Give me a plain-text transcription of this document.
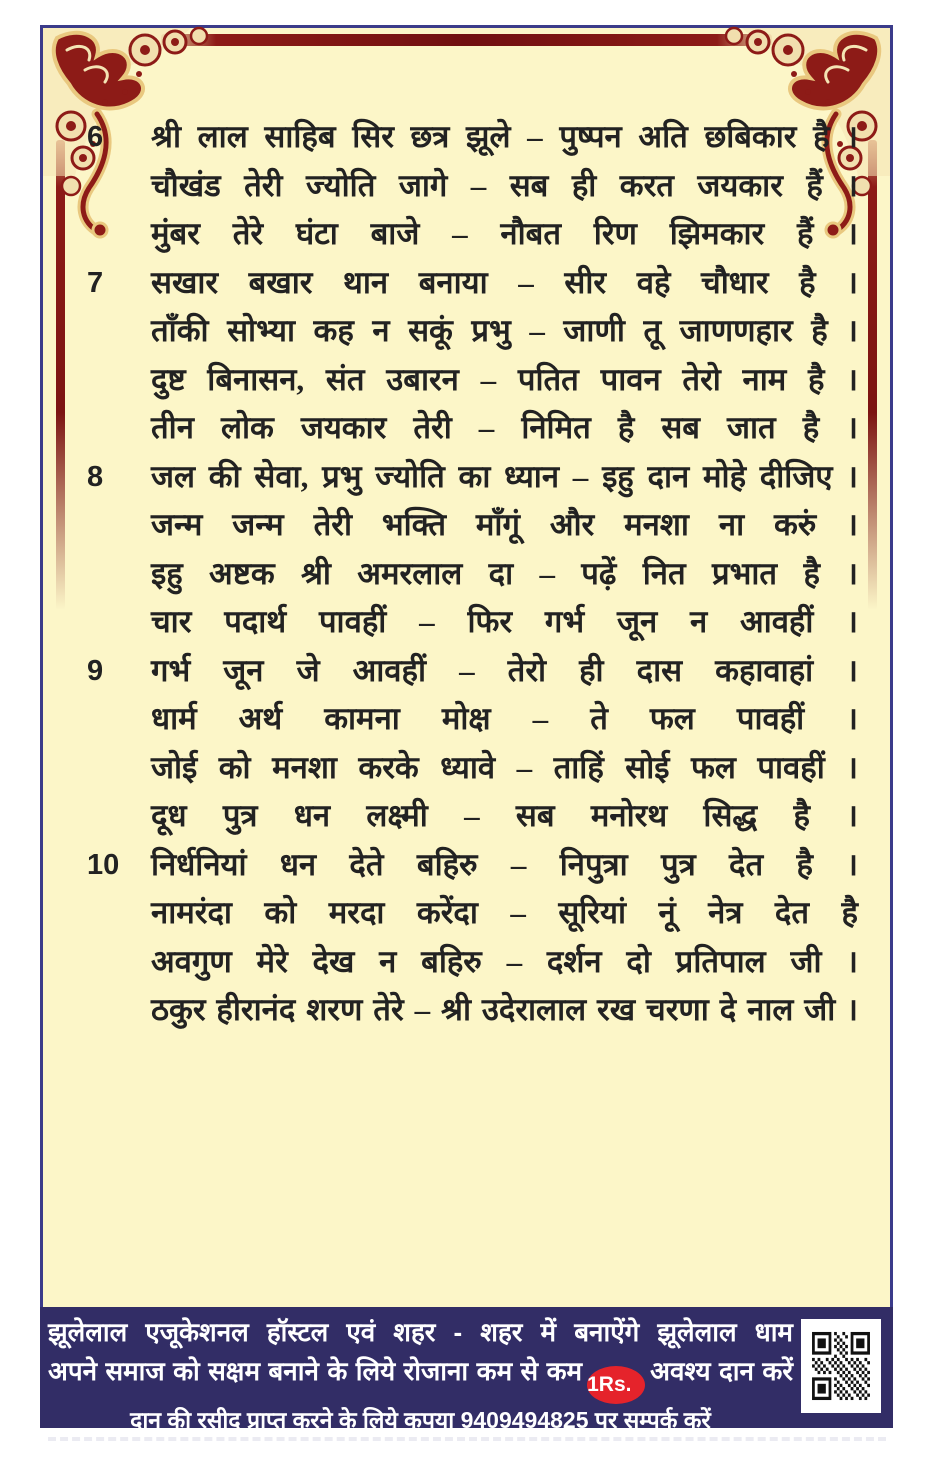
6	श्री लाल साहिब सिर छत्र झूले – पुष्पन अति छबिकार है ।
चौखंड तेरी ज्योति जागे – सब ही करत जयकार हैं ।
मुंबर तेरे घंटा बाजे – नौबत रिण झिमकार हैं ।
7	सखार बखार थान बनाया – सीर वहे चौधार है ।
ताँकी सोभ्या कह न सकूं प्रभु – जाणी तू जाणणहार है ।
दुष्ट बिनासन, संत उबारन – पतित पावन तेरो नाम है ।
तीन लोक जयकार तेरी – निमित है सब जात है ।
8	जल की सेवा, प्रभु ज्योति का ध्यान – इहु दान मोहे दीजिए ।
जन्म जन्म तेरी भक्ति माँगूं और मनशा ना करुं ।
इहु अष्टक श्री अमरलाल दा – पढ़ें नित प्रभात है ।
चार पदार्थ पावहीं – फिर गर्भ जून न आवहीं ।
9	गर्भ जून जे आवहीं – तेरो ही दास कहावाहां ।
धार्म अर्थ कामना मोक्ष – ते फल पावहीं ।
जोई को मनशा करके ध्यावे – ताहिं सोई फल पावहीं ।
दूध पुत्र धन लक्ष्मी – सब मनोरथ सिद्ध है ।
10	निर्धनियां धन देते बहिरु – निपुत्रा पुत्र देत है ।
नामरंदा को मरदा करेंदा – सूरियां नूं नेत्र देत है
अवगुण मेरे देख न बहिरु – दर्शन दो प्रतिपाल जी ।
ठकुर हीरानंद शरण तेरे – श्री उदेरालाल रख चरणा दे नाल जी ।
झूलेलाल एजूकेशनल हॉस्टल एवं शहर - शहर में बनाऐंगे झूलेलाल धाम
अपने समाज को सक्षम बनाने के लिये रोजाना कम से कम 1Rs. अवश्य दान करें
दान की रसीद प्राप्त करने के लिये कृपया 9409494825 पर सम्पर्क करें
